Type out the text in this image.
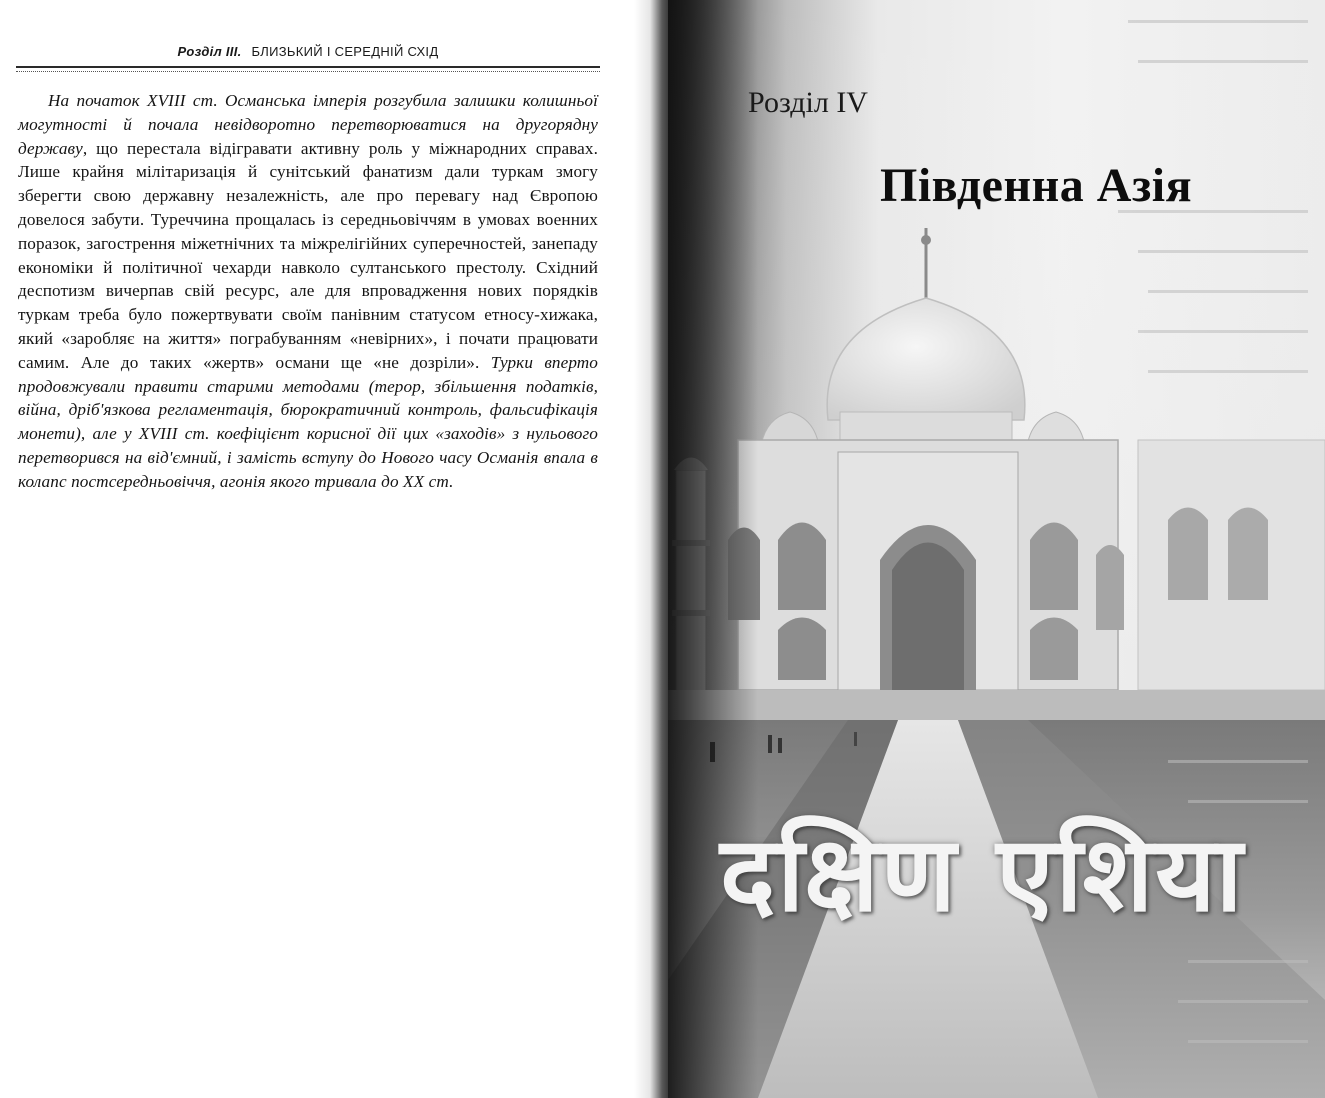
Розділ III. БЛИЗЬКИЙ І СЕРЕДНІЙ СХІД

На початок XVIII ст. Османська імперія розгубила залишки колишньої могутності й почала невідворотно перетворюватися на другорядну державу, що перестала відігравати активну роль у міжнародних справах. Лише крайня мілітаризація й сунітський фанатизм дали туркам змогу зберегти свою державну незалежність, але про перевагу над Європою довелося забути. Туреччина прощалась із середньовіччям в умовах военних поразок, загострення міжетнічних та міжрелігійних суперечностей, занепаду економіки й політичної чехарди навколо султанського престолу. Східний деспотизм вичерпав свій ресурс, але для впровадження нових порядків туркам треба було пожертвувати своїм панівним статусом етносу-хижака, який «заробляє на життя» пограбуванням «невірних», і почати працювати самим. Але до таких «жертв» османи ще «не дозріли». Турки вперто продовжували правити старими методами (терор, збільшення податків, війна, дріб'язкова регламентація, бюрократичний контроль, фальсифікація монети), але у XVIII ст. коефіцієнт корисної дії цих «заходів» з нульового перетворився на від'ємний, і замість вступу до Нового часу Османія впала в колапс постсередньовіччя, агонія якого тривала до XX ст.

Розділ IV
Південна Азія
दक्षिण एशिया
